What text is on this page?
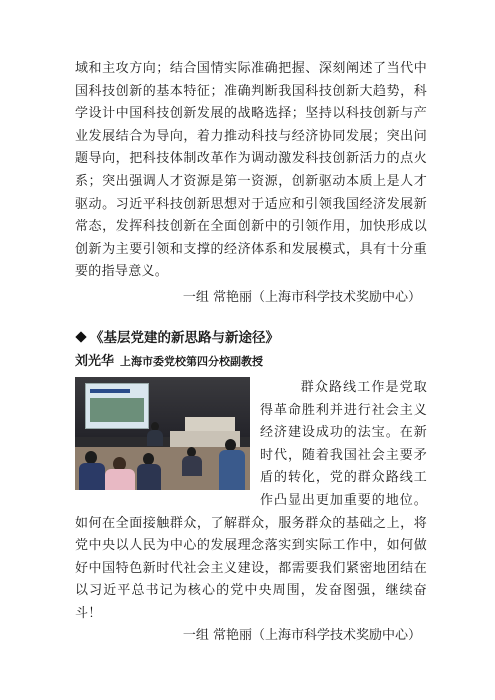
域和主攻方向；结合国情实际准确把握、深刻阐述了当代中国科技创新的基本特征；准确判断我国科技创新大趋势，科学设计中国科技创新发展的战略选择；坚持以科技创新与产业发展结合为导向，着力推动科技与经济协同发展；突出问题导向，把科技体制改革作为调动激发科技创新活力的点火系；突出强调人才资源是第一资源，创新驱动本质上是人才驱动。习近平科技创新思想对于适应和引领我国经济发展新常态，发挥科技创新在全面创新中的引领作用，加快形成以创新为主要引领和支撑的经济体系和发展模式，具有十分重要的指导意义。

一组 常艳丽（上海市科学技术奖励中心）

《基层党建的新思路与新途径》

刘光华 上海市委党校第四分校副教授

群众路线工作是党取得革命胜利并进行社会主义经济建设成功的法宝。在新时代，随着我国社会主要矛盾的转化，党的群众路线工作凸显出更加重要的地位。如何在全面接触群众，了解群众，服务群众的基础之上，将党中央以人民为中心的发展理念落实到实际工作中，如何做好中国特色新时代社会主义建设，都需要我们紧密地团结在以习近平总书记为核心的党中央周围，发奋图强，继续奋斗！

一组 常艳丽（上海市科学技术奖励中心）
